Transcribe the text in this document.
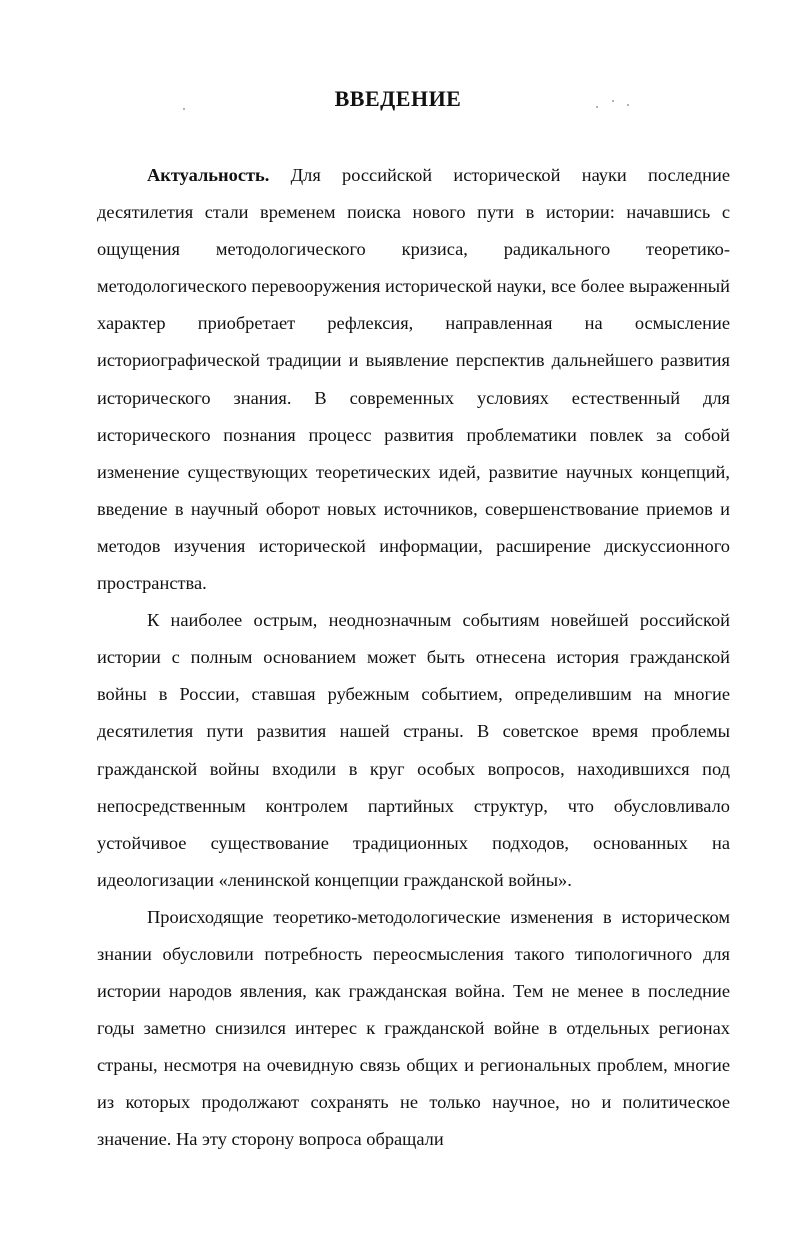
ВВЕДЕНИЕ

Актуальность. Для российской исторической науки последние десятилетия стали временем поиска нового пути в истории: начавшись с ощущения методологического кризиса, радикального теоретико-методологического перевооружения исторической науки, все более выраженный характер приобретает рефлексия, направленная на осмысление историографической традиции и выявление перспектив дальнейшего развития исторического знания. В современных условиях естественный для исторического познания процесс развития проблематики повлек за собой изменение существующих теоретических идей, развитие научных концепций, введение в научный оборот новых источников, совершенствование приемов и методов изучения исторической информации, расширение дискуссионного пространства.

К наиболее острым, неоднозначным событиям новейшей российской истории с полным основанием может быть отнесена история гражданской войны в России, ставшая рубежным событием, определившим на многие десятилетия пути развития нашей страны. В советское время проблемы гражданской войны входили в круг особых вопросов, находившихся под непосредственным контролем партийных структур, что обусловливало устойчивое существование традиционных подходов, основанных на идеологизации «ленинской концепции гражданской войны».

Происходящие теоретико-методологические изменения в историческом знании обусловили потребность переосмысления такого типологичного для истории народов явления, как гражданская война. Тем не менее в последние годы заметно снизился интерес к гражданской войне в отдельных регионах страны, несмотря на очевидную связь общих и региональных проблем, многие из которых продолжают сохранять не только научное, но и политическое значение. На эту сторону вопроса обращали
